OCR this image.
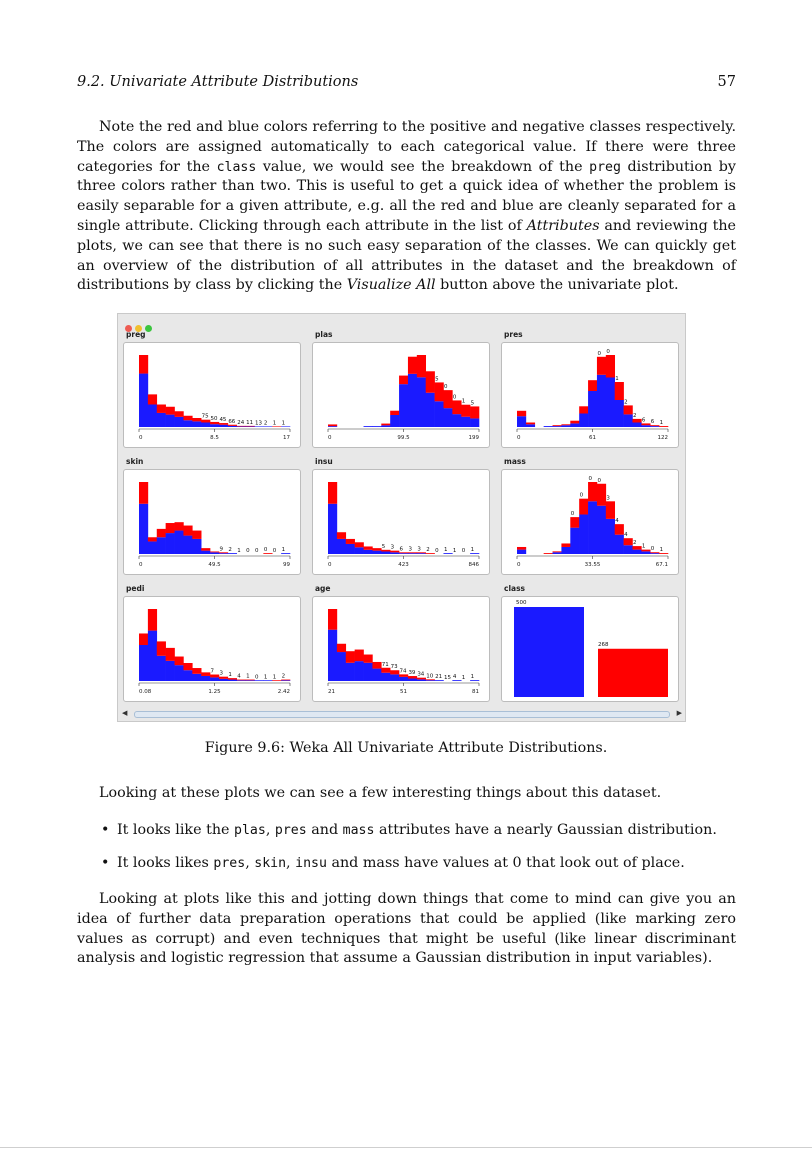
9.2. Univariate Attribute Distributions	57

Note the red and blue colors referring to the positive and negative classes respectively. The colors are assigned automatically to each categorical value. If there were three categories for the class value, we would see the breakdown of the preg distribution by three colors rather than two. This is useful to get a quick idea of whether the problem is easily separable for a given attribute, e.g. all the red and blue are cleanly separated for a single attribute. Clicking through each attribute in the list of Attributes and reviewing the plots, we can see that there is no such easy separation of the classes. We can quickly get an overview of the distribution of all attributes in the dataset and the breakdown of distributions by class by clicking the Visualize All button above the univariate plot.

preg
75 50 45 66 24 11 13 2 1 1
0	8.5	17
plas
5
0
0
1 5
0	99.5	199
pres
0 0
1
2
2
6 6 1
0	61	122
skin
9 2 1 0 0 0 0 1
0	49.5	99
insu
5 3 6 3 3 2 0 1 1 0 1
0	423	846
mass
0
0
0 0
3
4
4
2
1 0 1
0	33.55	67.1
pedi
7 3 1 4 1 0 1 1 2
0.08	1.25	2.42
age
71 73
74 39 34 10 21 15 4 1 1
21	51	81
class
500
268
◀	▶
Figure 9.6: Weka All Univariate Attribute Distributions.

Looking at these plots we can see a few interesting things about this dataset.

• It looks like the plas, pres and mass attributes have a nearly Gaussian distribution.
• It looks likes pres, skin, insu and mass have values at 0 that look out of place.

Looking at plots like this and jotting down things that come to mind can give you an idea of further data preparation operations that could be applied (like marking zero values as corrupt) and even techniques that might be useful (like linear discriminant analysis and logistic regression that assume a Gaussian distribution in input variables).
